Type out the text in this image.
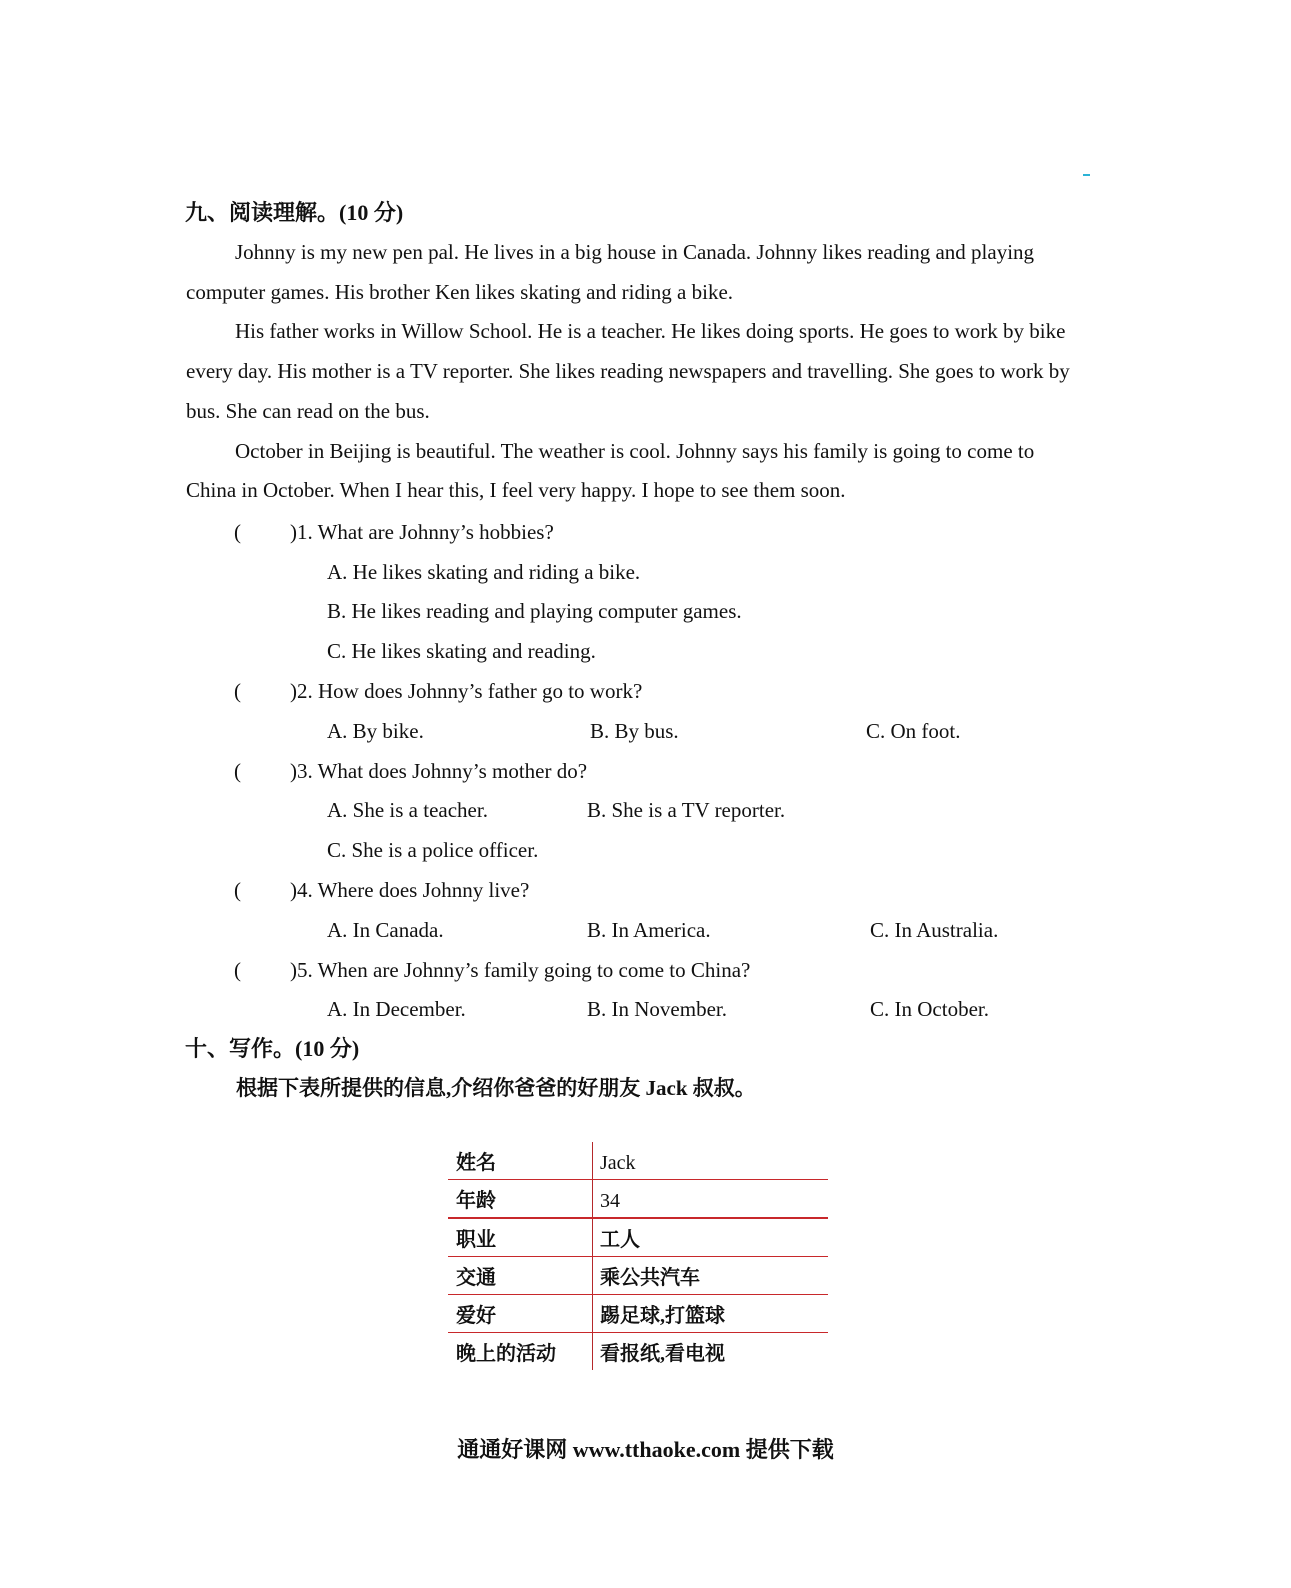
九、阅读理解。(10 分)

Johnny is my new pen pal. He lives in a big house in Canada. Johnny likes reading and playing computer games. His brother Ken likes skating and riding a bike.

His father works in Willow School. He is a teacher. He likes doing sports. He goes to work by bike every day. His mother is a TV reporter. She likes reading newspapers and travelling. She goes to work by bus. She can read on the bus.

October in Beijing is beautiful. The weather is cool. Johnny says his family is going to come to China in October. When I hear this, I feel very happy. I hope to see them soon.

( )1. What are Johnny’s hobbies?
A. He likes skating and riding a bike.
B. He likes reading and playing computer games.
C. He likes skating and reading.
( )2. How does Johnny’s father go to work?
A. By bike.	B. By bus.	C. On foot.
( )3. What does Johnny’s mother do?
A. She is a teacher.	B. She is a TV reporter.
C. She is a police officer.
( )4. Where does Johnny live?
A. In Canada.	B. In America.	C. In Australia.
( )5. When are Johnny’s family going to come to China?
A. In December.	B. In November.	C. In October.
十、写作。(10 分)
根据下表所提供的信息,介绍你爸爸的好朋友 Jack 叔叔。
姓名	Jack
年龄	34
职业	工人
交通	乘公共汽车
爱好	踢足球,打篮球
晚上的活动	看报纸,看电视
通通好课网 www.tthaoke.com 提供下载
